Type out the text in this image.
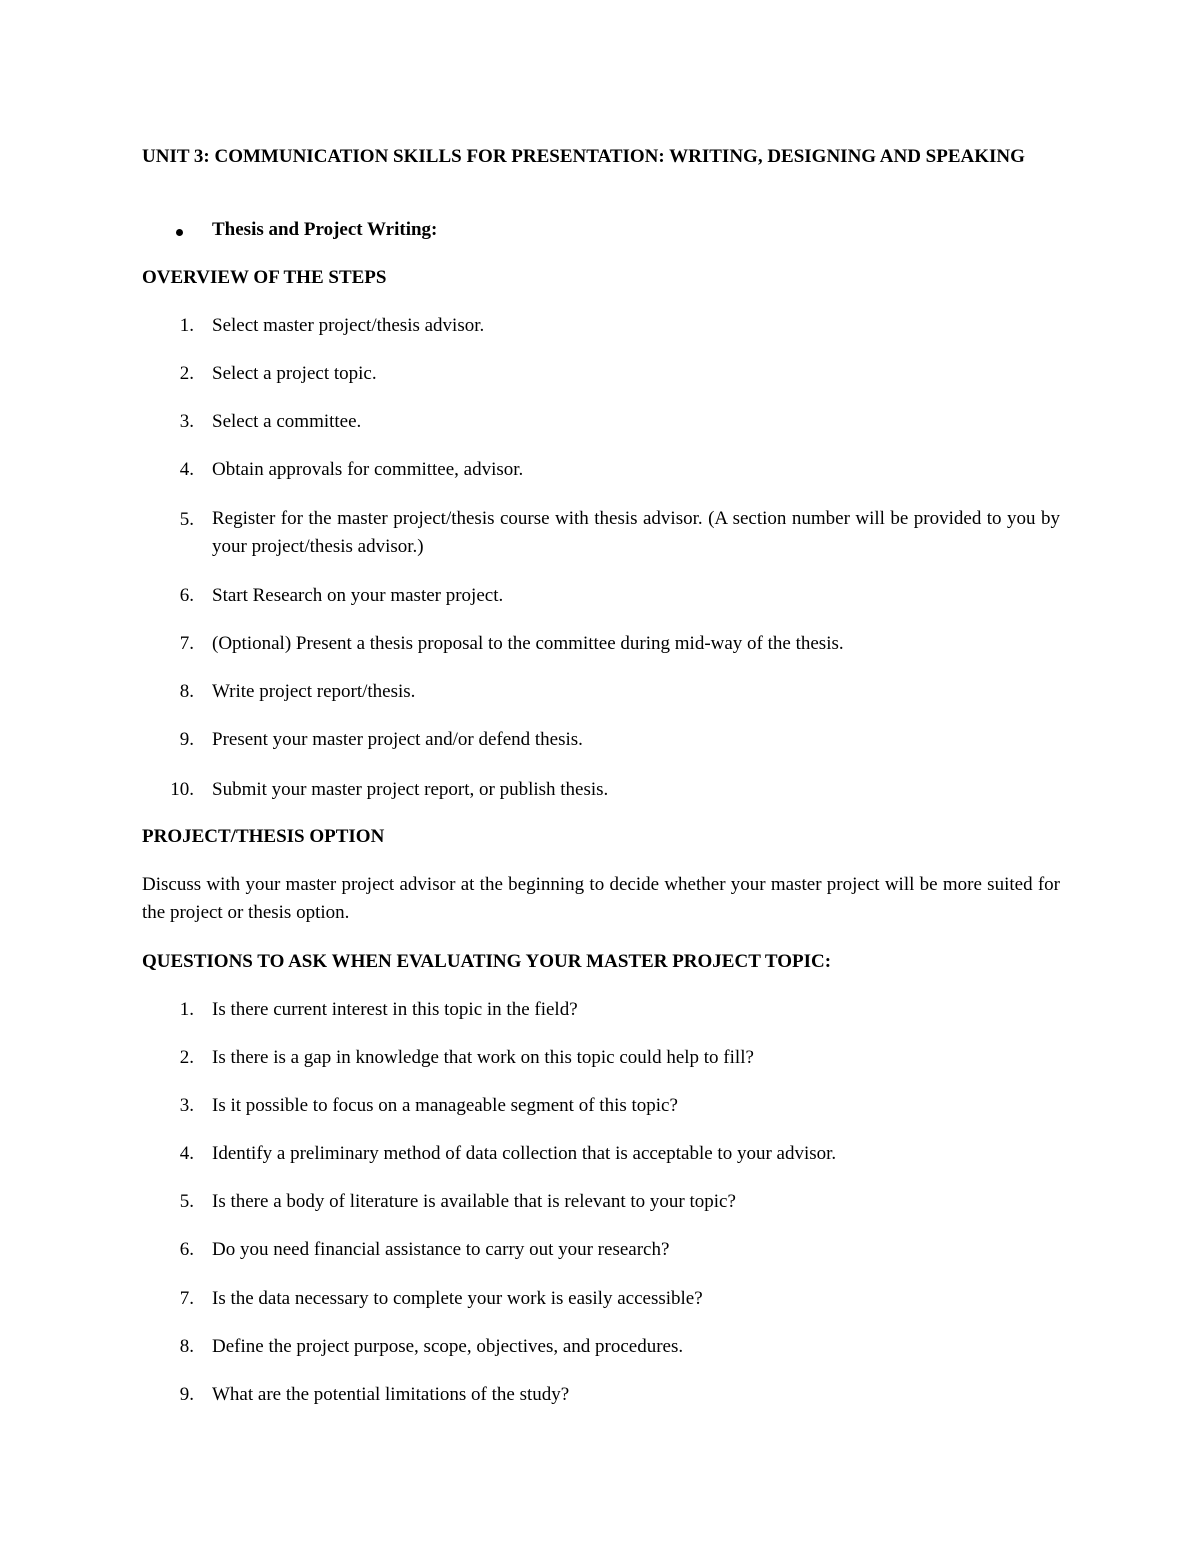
UNIT 3: COMMUNICATION SKILLS FOR PRESENTATION: WRITING, DESIGNING AND SPEAKING
Thesis and Project Writing:
OVERVIEW OF THE STEPS
1. Select master project/thesis advisor.
2. Select a project topic.
3. Select a committee.
4. Obtain approvals for committee, advisor.
5. Register for the master project/thesis course with thesis advisor. (A section number will be provided to you by your project/thesis advisor.)
6. Start Research on your master project.
7. (Optional) Present a thesis proposal to the committee during mid-way of the thesis.
8. Write project report/thesis.
9. Present your master project and/or defend thesis.
10. Submit your master project report, or publish thesis.
PROJECT/THESIS OPTION
Discuss with your master project advisor at the beginning to decide whether your master project will be more suited for the project or thesis option.
QUESTIONS TO ASK WHEN EVALUATING YOUR MASTER PROJECT TOPIC:
1. Is there current interest in this topic in the field?
2. Is there is a gap in knowledge that work on this topic could help to fill?
3. Is it possible to focus on a manageable segment of this topic?
4. Identify a preliminary method of data collection that is acceptable to your advisor.
5. Is there a body of literature is available that is relevant to your topic?
6. Do you need financial assistance to carry out your research?
7. Is the data necessary to complete your work is easily accessible?
8. Define the project purpose, scope, objectives, and procedures.
9. What are the potential limitations of the study?
